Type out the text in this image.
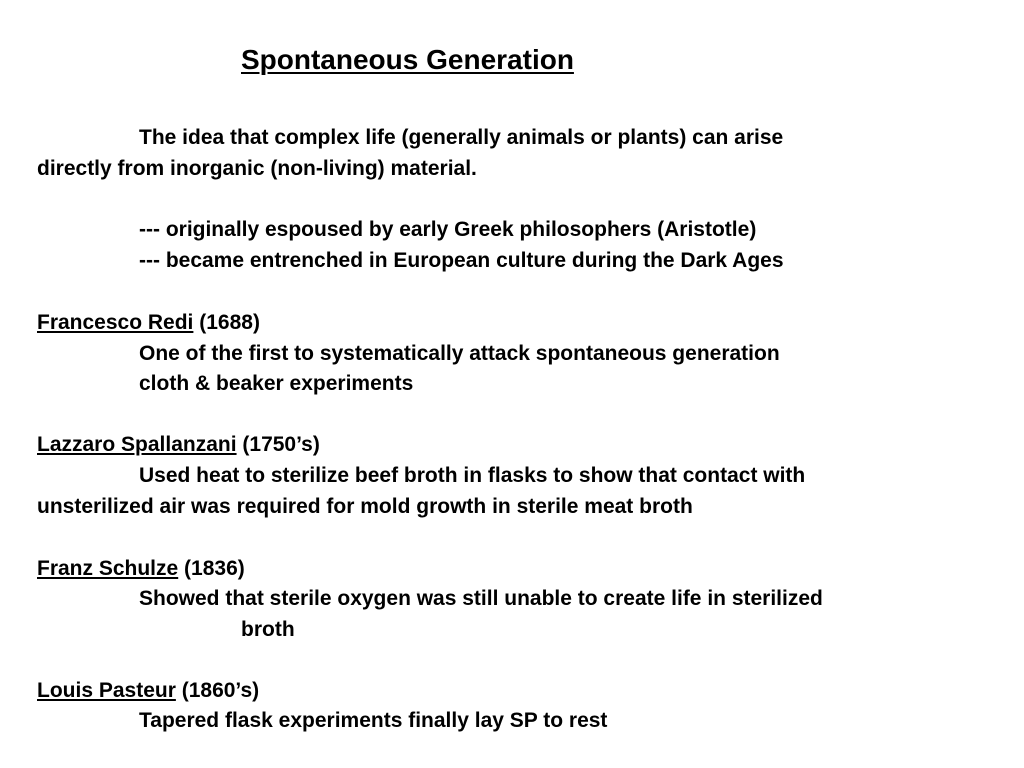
Spontaneous Generation
The idea that complex life (generally animals or plants) can arise
directly from inorganic (non-living) material.
--- originally espoused by early Greek philosophers (Aristotle)
--- became entrenched in European culture during the Dark Ages
Francesco Redi (1688)
One of the first to systematically attack spontaneous generation
cloth & beaker experiments
Lazzaro Spallanzani (1750’s)
Used heat to sterilize beef broth in flasks to show that contact with
unsterilized air was required for mold growth in sterile meat broth
Franz Schulze (1836)
Showed that sterile oxygen was still unable to create life in sterilized
broth
Louis Pasteur (1860’s)
Tapered flask experiments finally lay SP to rest
